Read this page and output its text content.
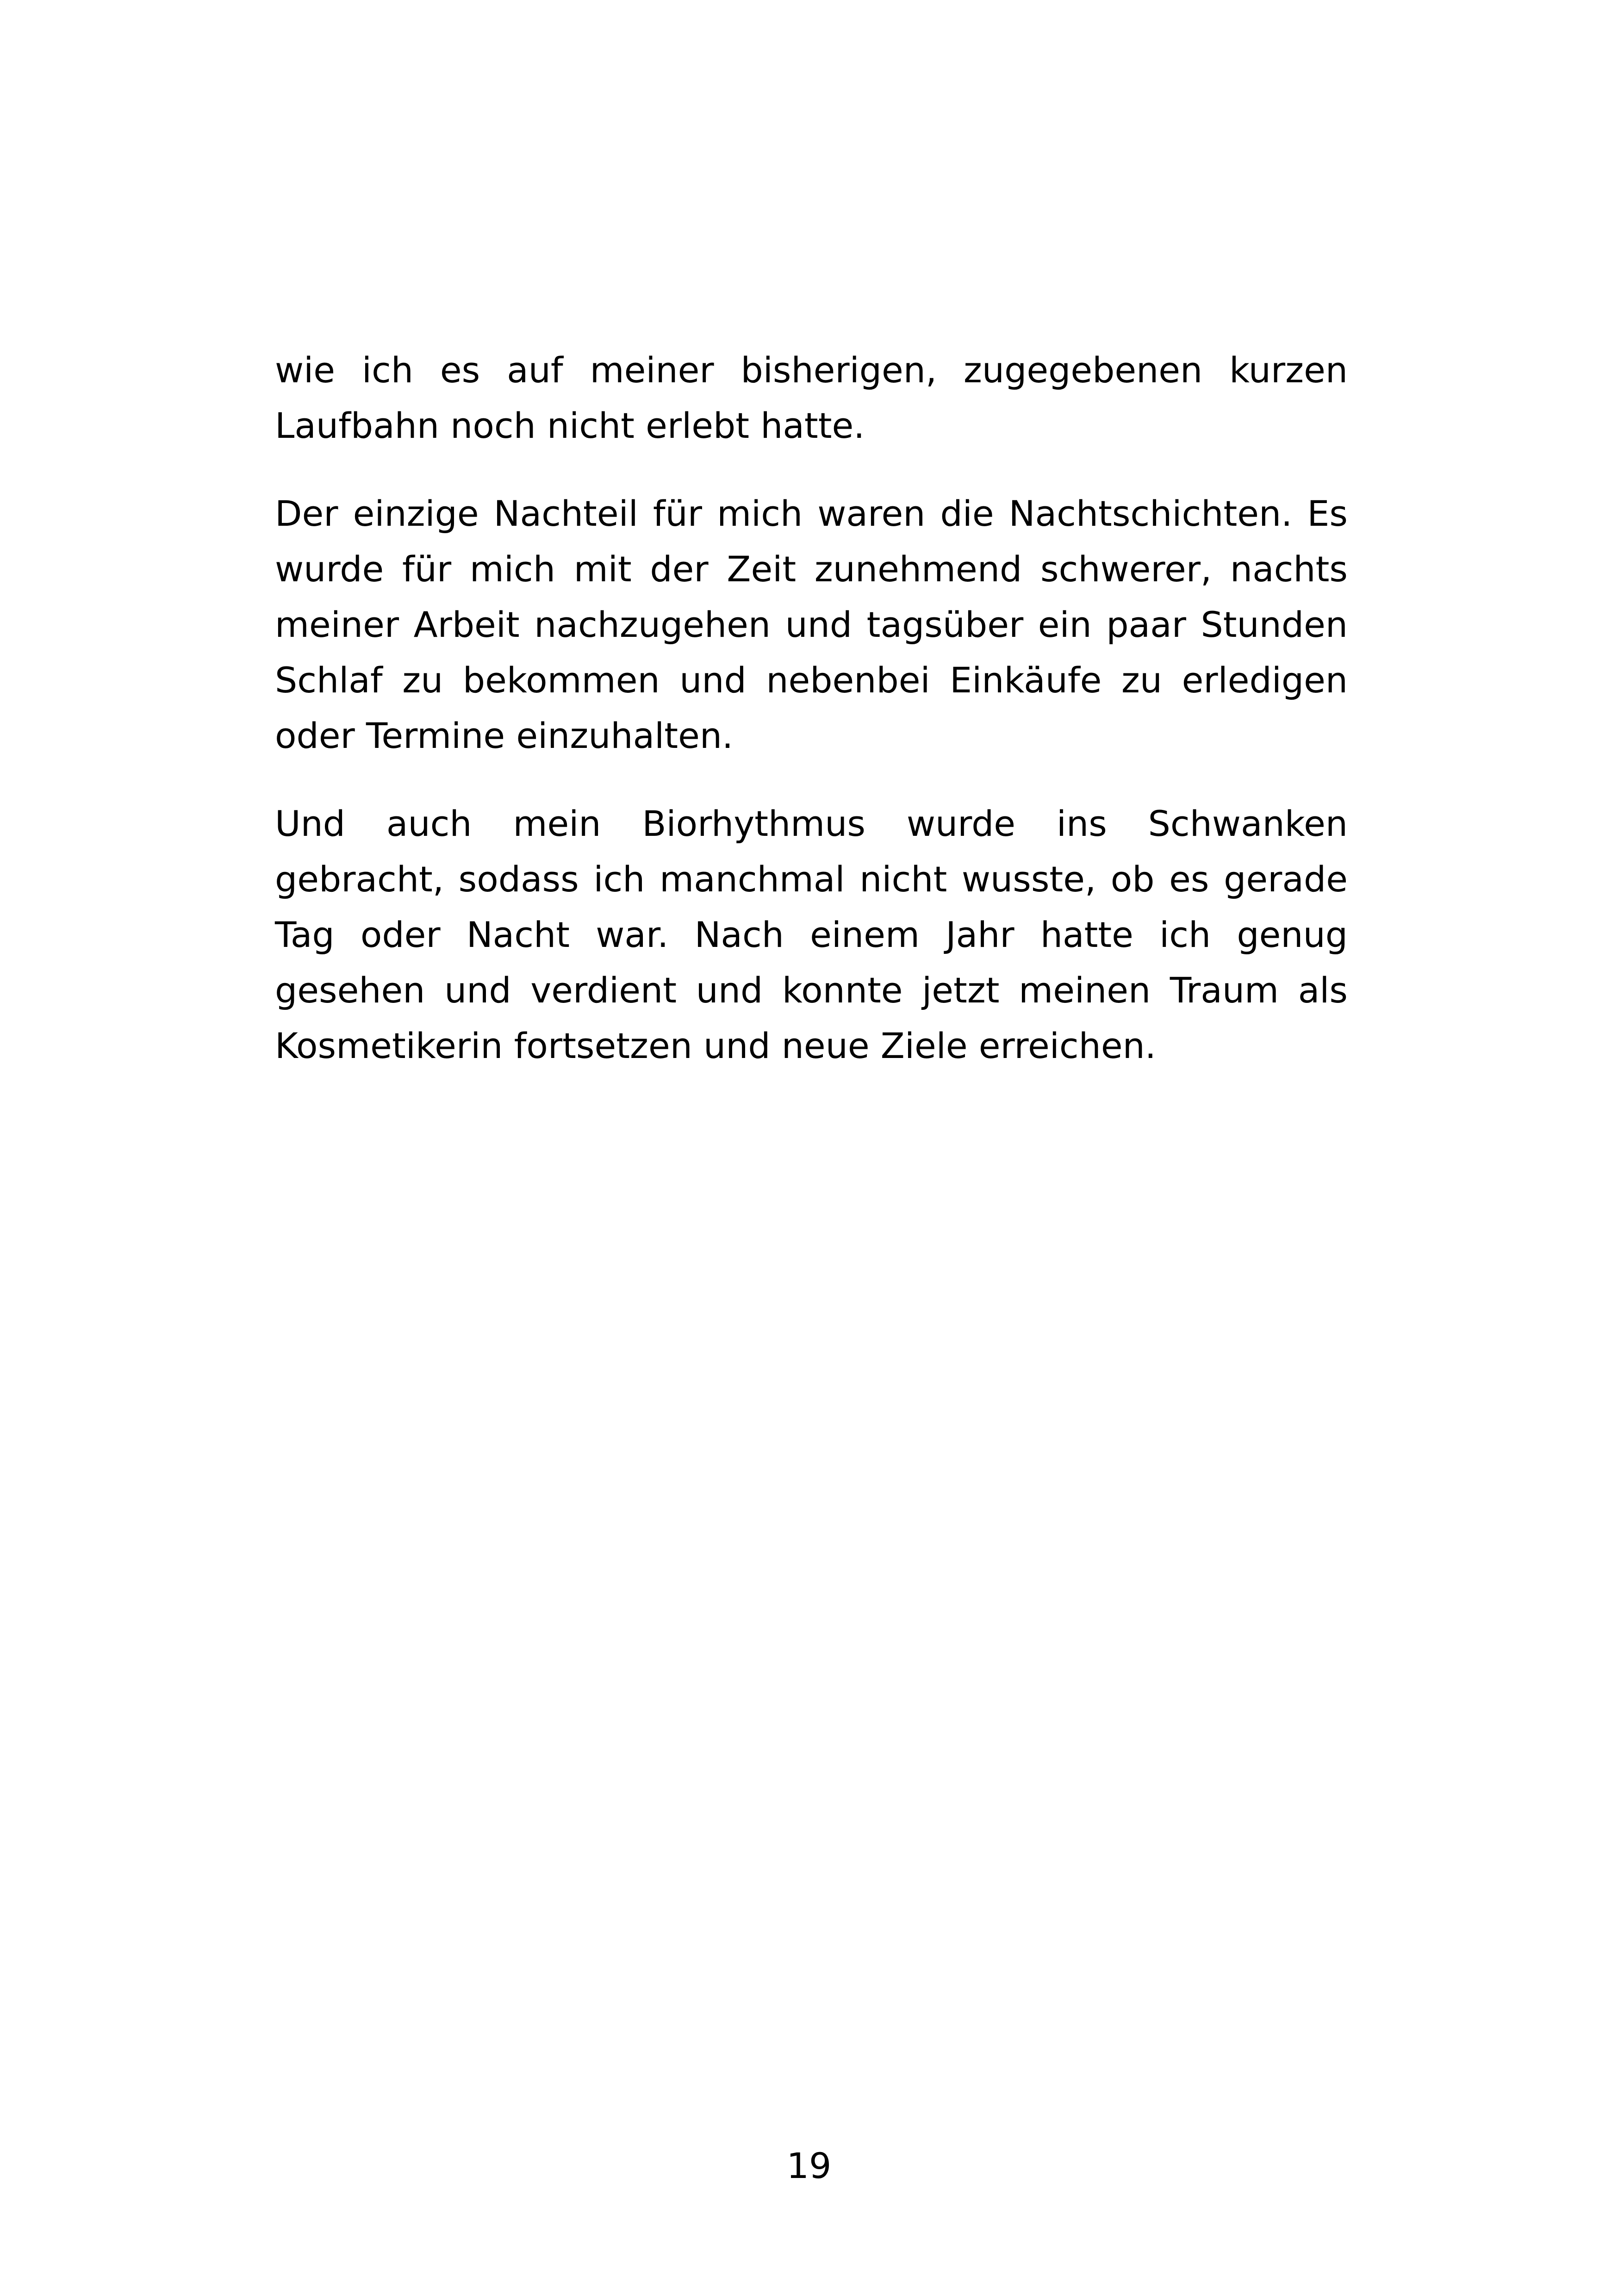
wie ich es auf meiner bisherigen, zugegebenen kurzen Laufbahn noch nicht erlebt hatte.

Der einzige Nachteil für mich waren die Nachtschichten. Es wurde für mich mit der Zeit zunehmend schwerer, nachts meiner Arbeit nachzugehen und tagsüber ein paar Stunden Schlaf zu bekommen und nebenbei Einkäufe zu erledigen oder Termine einzuhalten.

Und auch mein Biorhythmus wurde ins Schwanken gebracht, sodass ich manchmal nicht wusste, ob es gerade Tag oder Nacht war. Nach einem Jahr hatte ich genug gesehen und verdient und konnte jetzt meinen Traum als Kosmetikerin fortsetzen und neue Ziele erreichen.

19
